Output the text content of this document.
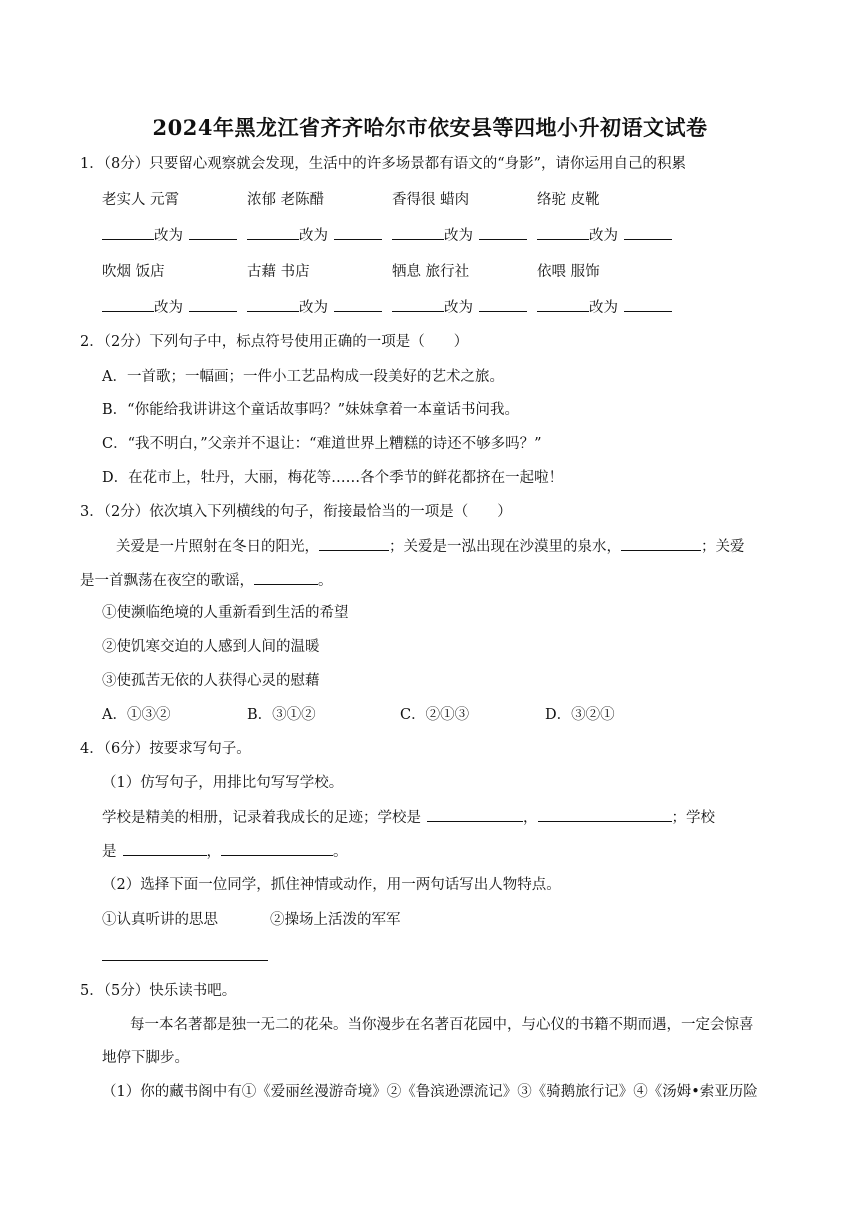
2024年黑龙江省齐齐哈尔市依安县等四地小升初语文试卷
1．（8分）只要留心观察就会发现，生活中的许多场景都有语文的“身影”，请你运用自己的积累
老实人 元霄	浓郁 老陈醋	香得很 蜡肉	络驼 皮靴
改为	改为	改为	改为
吹烟 饭店	古藉 书店	牺息 旅行社	依喂 服饰
改为	改为	改为	改为
2．（2分）下列句子中，标点符号使用正确的一项是（　　）
A．一首歌；一幅画；一件小工艺品构成一段美好的艺术之旅。
B．“你能给我讲讲这个童话故事吗？”妹妹拿着一本童话书问我。
C．“我不明白，”父亲并不退让：“难道世界上糟糕的诗还不够多吗？”
D．在花市上，牡丹，大丽，梅花等……各个季节的鲜花都挤在一起啦！
3．（2分）依次填入下列横线的句子，衔接最恰当的一项是（　　）
关爱是一片照射在冬日的阳光，	；关爱是一泓出现在沙漠里的泉水，	；关爱
是一首飘荡在夜空的歌谣，	。
①使濒临绝境的人重新看到生活的希望
②使饥寒交迫的人感到人间的温暖
③使孤苦无依的人获得心灵的慰藉
A．①③②	B．③①②	C．②①③	D．③②①
4．（6分）按要求写句子。
（1）仿写句子，用排比句写写学校。
学校是精美的相册，记录着我成长的足迹；学校是	，	；学校
是	，	。
（2）选择下面一位同学，抓住神情或动作，用一两句话写出人物特点。
①认真听讲的思思	②操场上活泼的军军
5．（5分）快乐读书吧。
每一本名著都是独一无二的花朵。当你漫步在名著百花园中，与心仪的书籍不期而遇，一定会惊喜
地停下脚步。
（1）你的藏书阁中有①《爱丽丝漫游奇境》②《鲁滨逊漂流记》③《骑鹅旅行记》④《汤姆•索亚历险
